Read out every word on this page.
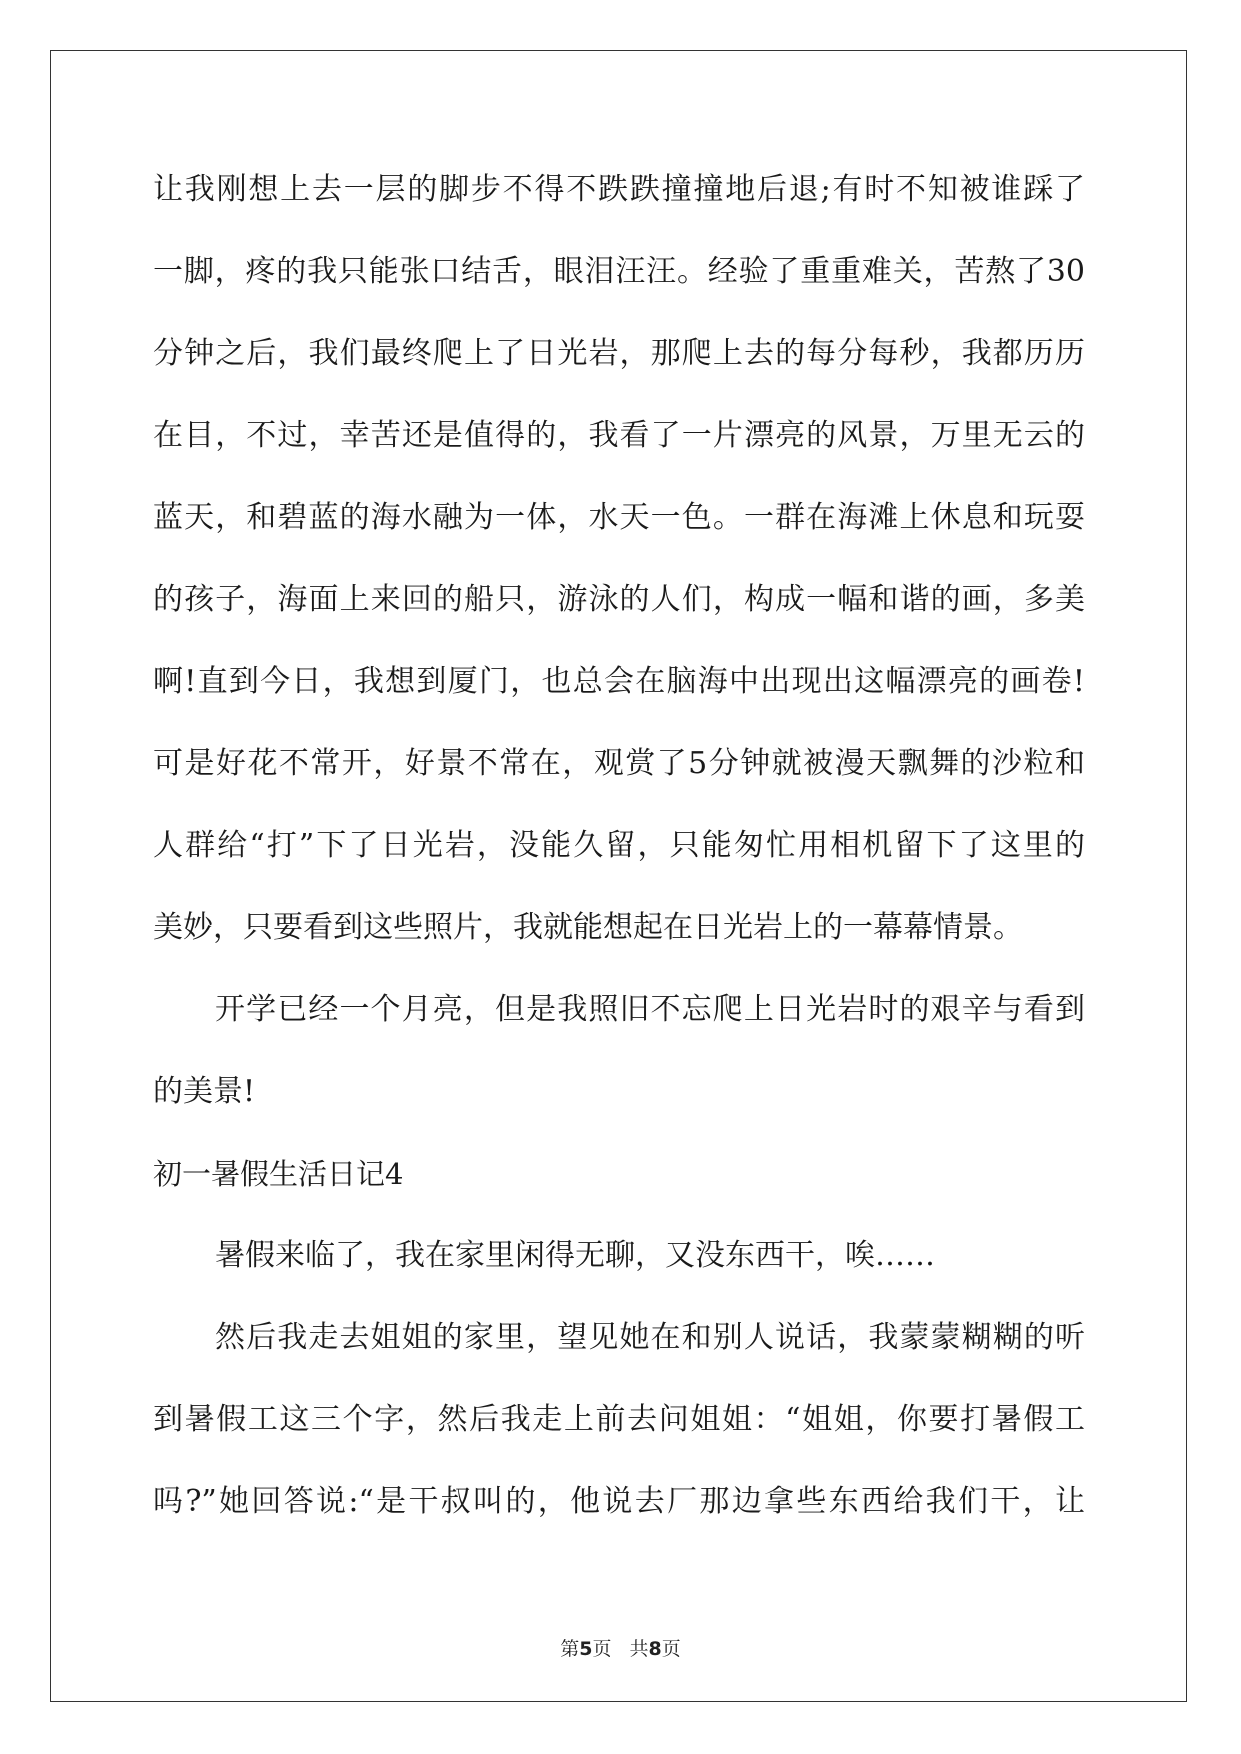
让我刚想上去一层的脚步不得不跌跌撞撞地后退;有时不知被谁踩了
一脚，疼的我只能张口结舌，眼泪汪汪。经验了重重难关，苦熬了30
分钟之后，我们最终爬上了日光岩，那爬上去的每分每秒，我都历历
在目，不过，幸苦还是值得的，我看了一片漂亮的风景，万里无云的
蓝天，和碧蓝的海水融为一体，水天一色。一群在海滩上休息和玩耍
的孩子，海面上来回的船只，游泳的人们，构成一幅和谐的画，多美
啊!直到今日，我想到厦门，也总会在脑海中出现出这幅漂亮的画卷!
可是好花不常开，好景不常在，观赏了5分钟就被漫天飘舞的沙粒和
人群给“打”下了日光岩，没能久留，只能匆忙用相机留下了这里的
美妙，只要看到这些照片，我就能想起在日光岩上的一幕幕情景。
开学已经一个月亮，但是我照旧不忘爬上日光岩时的艰辛与看到
的美景!
初一暑假生活日记4
暑假来临了，我在家里闲得无聊，又没东西干，唉……
然后我走去姐姐的家里，望见她在和别人说话，我蒙蒙糊糊的听
到暑假工这三个字，然后我走上前去问姐姐：“姐姐，你要打暑假工
吗?”她回答说:“是干叔叫的，他说去厂那边拿些东西给我们干，让
第5页 共8页
